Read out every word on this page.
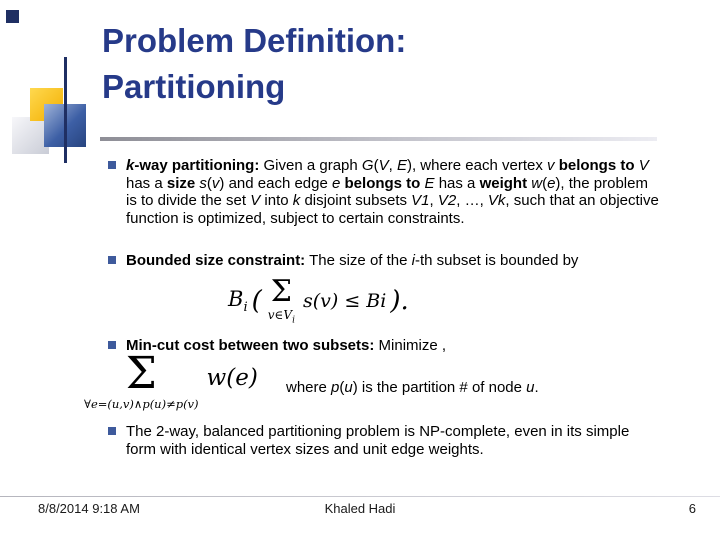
Problem Definition:
Partitioning
k-way partitioning: Given a graph G(V, E), where each vertex v belongs to V has a size s(v) and each edge e belongs to E has a weight w(e), the problem is to divide the set V into k disjoint subsets V1, V2, …, Vk, such that an objective function is optimized, subject to certain constraints.
Bounded size constraint: The size of the i-th subset is bounded by
$B_i$ ( Σ
$v\in V_i$
s(v) ≤ Bi ).
Min-cut cost between two subsets: Minimize ,
Σ
∀e=(u,v)∧p(u)≠p(v)
w(e) where p(u) is the partition # of node u.
The 2-way, balanced partitioning problem is NP-complete, even in its simple form with identical vertex sizes and unit edge weights.
8/8/2014 9:18 AM	Khaled Hadi	6
